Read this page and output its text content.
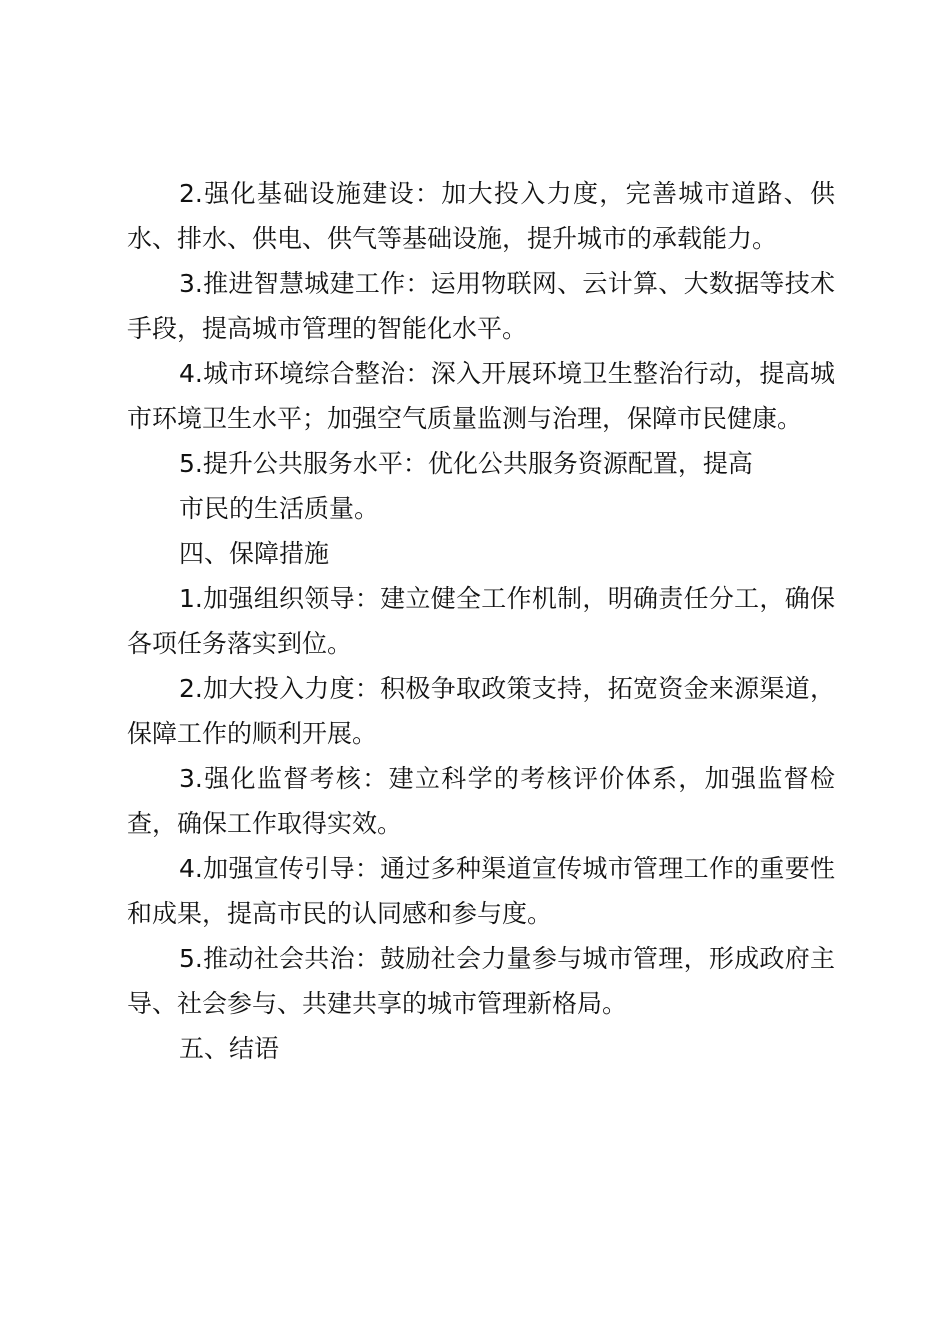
2.强化基础设施建设：加大投入力度，完善城市道路、供水、排水、供电、供气等基础设施，提升城市的承载能力。

3.推进智慧城建工作：运用物联网、云计算、大数据等技术手段，提高城市管理的智能化水平。

4.城市环境综合整治：深入开展环境卫生整治行动，提高城市环境卫生水平；加强空气质量监测与治理，保障市民健康。

5.提升公共服务水平：优化公共服务资源配置，提高

市民的生活质量。

四、保障措施

1.加强组织领导：建立健全工作机制，明确责任分工，确保各项任务落实到位。

2.加大投入力度：积极争取政策支持，拓宽资金来源渠道，保障工作的顺利开展。

3.强化监督考核：建立科学的考核评价体系，加强监督检查，确保工作取得实效。

4.加强宣传引导：通过多种渠道宣传城市管理工作的重要性和成果，提高市民的认同感和参与度。

5.推动社会共治：鼓励社会力量参与城市管理，形成政府主导、社会参与、共建共享的城市管理新格局。

五、结语
